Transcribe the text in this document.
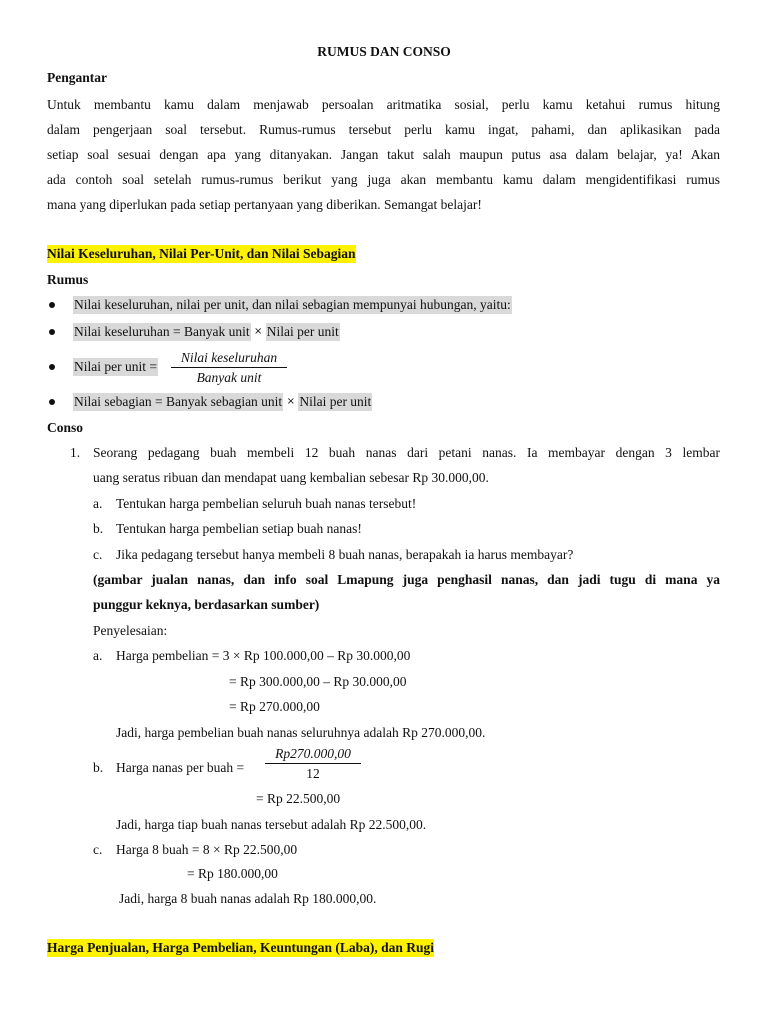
RUMUS DAN CONSO
Pengantar
Untuk membantu kamu dalam menjawab persoalan aritmatika sosial, perlu kamu ketahui rumus hitung
dalam pengerjaan soal tersebut. Rumus-rumus tersebut perlu kamu ingat, pahami, dan aplikasikan pada
setiap soal sesuai dengan apa yang ditanyakan. Jangan takut salah maupun putus asa dalam belajar, ya! Akan
ada contoh soal setelah rumus-rumus berikut yang juga akan membantu kamu dalam mengidentifikasi rumus
mana yang diperlukan pada setiap pertanyaan yang diberikan. Semangat belajar!
Nilai Keseluruhan, Nilai Per-Unit, dan Nilai Sebagian
Rumus
Nilai keseluruhan, nilai per unit, dan nilai sebagian mempunyai hubungan, yaitu:
Nilai keseluruhan = Banyak unit × Nilai per unit
Nilai per unit =
Nilai keseluruhan
Banyak unit
Nilai sebagian = Banyak sebagian unit × Nilai per unit
Conso
1. Seorang pedagang buah membeli 12 buah nanas dari petani nanas. Ia membayar dengan 3 lembar
uang seratus ribuan dan mendapat uang kembalian sebesar Rp 30.000,00.
a. Tentukan harga pembelian seluruh buah nanas tersebut!
b. Tentukan harga pembelian setiap buah nanas!
c. Jika pedagang tersebut hanya membeli 8 buah nanas, berapakah ia harus membayar?
(gambar jualan nanas, dan info soal Lmapung juga penghasil nanas, dan jadi tugu di mana ya
punggur keknya, berdasarkan sumber)
Penyelesaian:
a. Harga pembelian = 3 × Rp 100.000,00 – Rp 30.000,00
= Rp 300.000,00 – Rp 30.000,00
= Rp 270.000,00
Jadi, harga pembelian buah nanas seluruhnya adalah Rp 270.000,00.
b. Harga nanas per buah = $\frac{Rp270.000,00}{12}$
= Rp 22.500,00
Jadi, harga tiap buah nanas tersebut adalah Rp 22.500,00.
c. Harga 8 buah = 8 × Rp 22.500,00
= Rp 180.000,00
Jadi, harga 8 buah nanas adalah Rp 180.000,00.
Harga Penjualan, Harga Pembelian, Keuntungan (Laba), dan Rugi
